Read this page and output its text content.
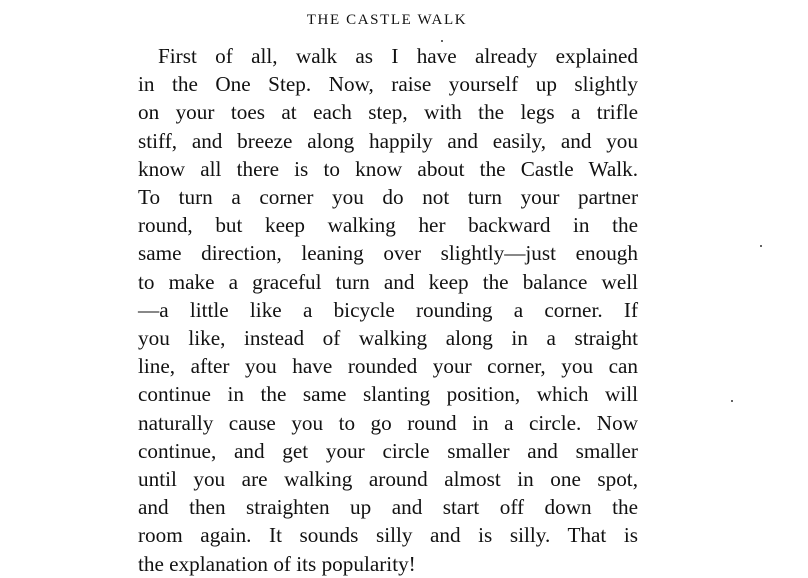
THE CASTLE WALK
First of all, walk as I have already explained
in the One Step. Now, raise yourself up slightly
on your toes at each step, with the legs a trifle
stiff, and breeze along happily and easily, and you
know all there is to know about the Castle Walk.
To turn a corner you do not turn your partner
round, but keep walking her backward in the
same direction, leaning over slightly—just enough
to make a graceful turn and keep the balance well
—a little like a bicycle rounding a corner. If
you like, instead of walking along in a straight
line, after you have rounded your corner, you can
continue in the same slanting position, which will
naturally cause you to go round in a circle. Now
continue, and get your circle smaller and smaller
until you are walking around almost in one spot,
and then straighten up and start off down the
room again. It sounds silly and is silly. That is
the explanation of its popularity!
